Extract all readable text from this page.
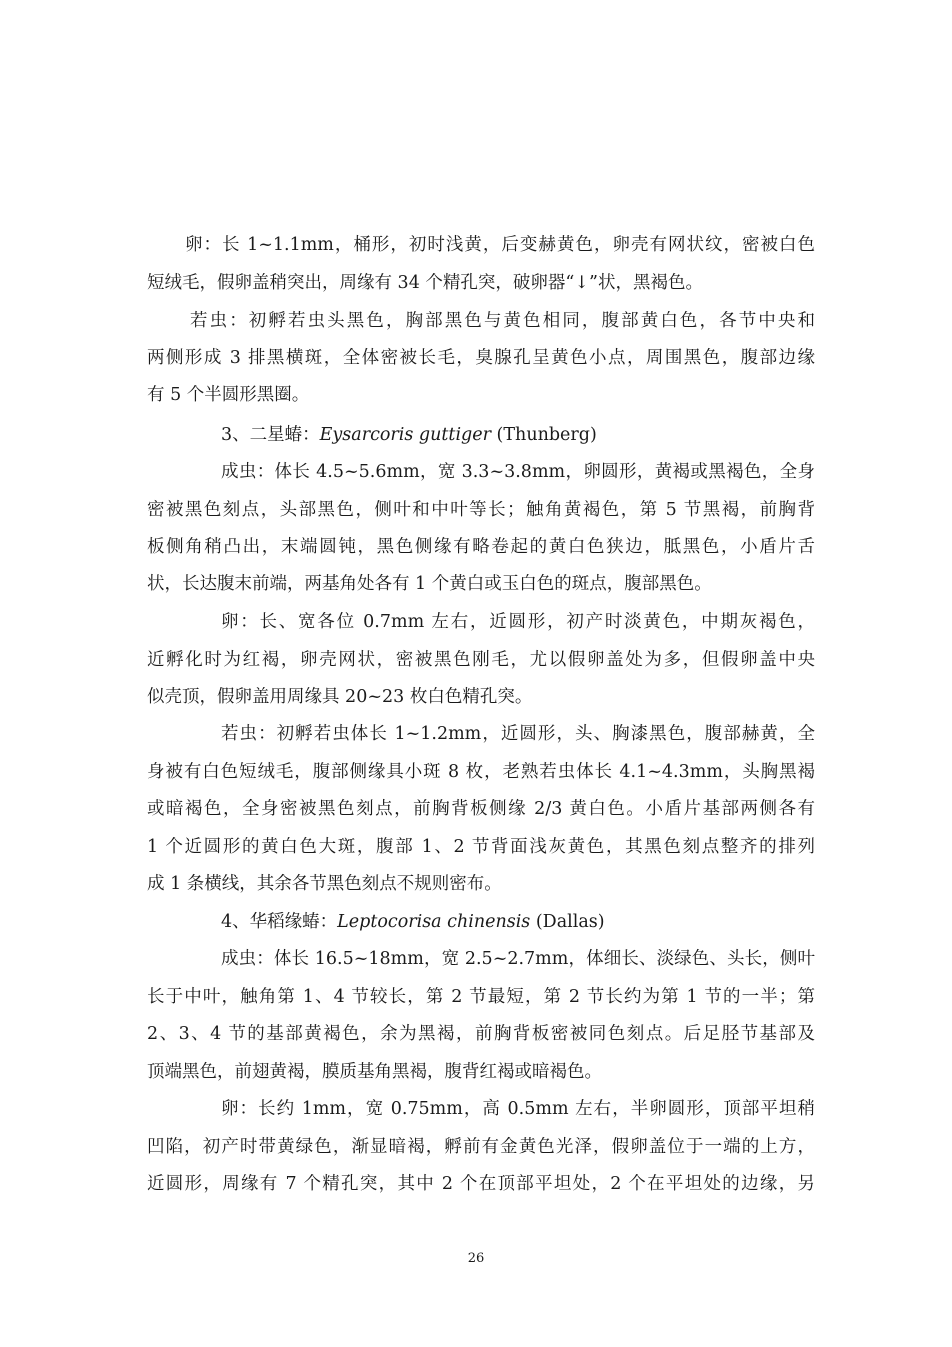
卵：长 1~1.1mm，桶形，初时浅黄，后变赫黄色，卵壳有网状纹，密被白色
短绒毛，假卵盖稍突出，周缘有 34 个精孔突，破卵器“↓”状，黑褐色。
若虫：初孵若虫头黑色，胸部黑色与黄色相同，腹部黄白色，各节中央和
两侧形成 3 排黑横斑，全体密被长毛，臭腺孔呈黄色小点，周围黑色，腹部边缘
有 5 个半圆形黑圈。
3、二星蝽：Eysarcoris guttiger (Thunberg)
成虫：体长 4.5~5.6mm，宽 3.3~3.8mm，卵圆形，黄褐或黑褐色，全身
密被黑色刻点，头部黑色，侧叶和中叶等长；触角黄褐色，第 5 节黑褐，前胸背
板侧角稍凸出，末端圆钝，黑色侧缘有略卷起的黄白色狭边，胝黑色，小盾片舌
状，长达腹末前端，两基角处各有 1 个黄白或玉白色的斑点，腹部黑色。
卵：长、宽各位 0.7mm 左右，近圆形，初产时淡黄色，中期灰褐色，
近孵化时为红褐，卵壳网状，密被黑色刚毛，尤以假卵盖处为多，但假卵盖中央
似壳顶，假卵盖用周缘具 20~23 枚白色精孔突。
若虫：初孵若虫体长 1~1.2mm，近圆形，头、胸漆黑色，腹部赫黄，全
身被有白色短绒毛，腹部侧缘具小斑 8 枚，老熟若虫体长 4.1~4.3mm，头胸黑褐
或暗褐色，全身密被黑色刻点，前胸背板侧缘 2/3 黄白色。小盾片基部两侧各有
1 个近圆形的黄白色大斑，腹部 1、2 节背面浅灰黄色，其黑色刻点整齐的排列
成 1 条横线，其余各节黑色刻点不规则密布。
4、华稻缘蝽：Leptocorisa chinensis (Dallas)
成虫：体长 16.5~18mm，宽 2.5~2.7mm，体细长、淡绿色、头长，侧叶
长于中叶，触角第 1、4 节较长，第 2 节最短，第 2 节长约为第 1 节的一半；第
2、3、4 节的基部黄褐色，余为黑褐，前胸背板密被同色刻点。后足胫节基部及
顶端黑色，前翅黄褐，膜质基角黑褐，腹背红褐或暗褐色。
卵：长约 1mm，宽 0.75mm，高 0.5mm 左右，半卵圆形，顶部平坦稍
凹陷，初产时带黄绿色，渐显暗褐，孵前有金黄色光泽，假卵盖位于一端的上方，
近圆形，周缘有 7 个精孔突，其中 2 个在顶部平坦处，2 个在平坦处的边缘，另
26
